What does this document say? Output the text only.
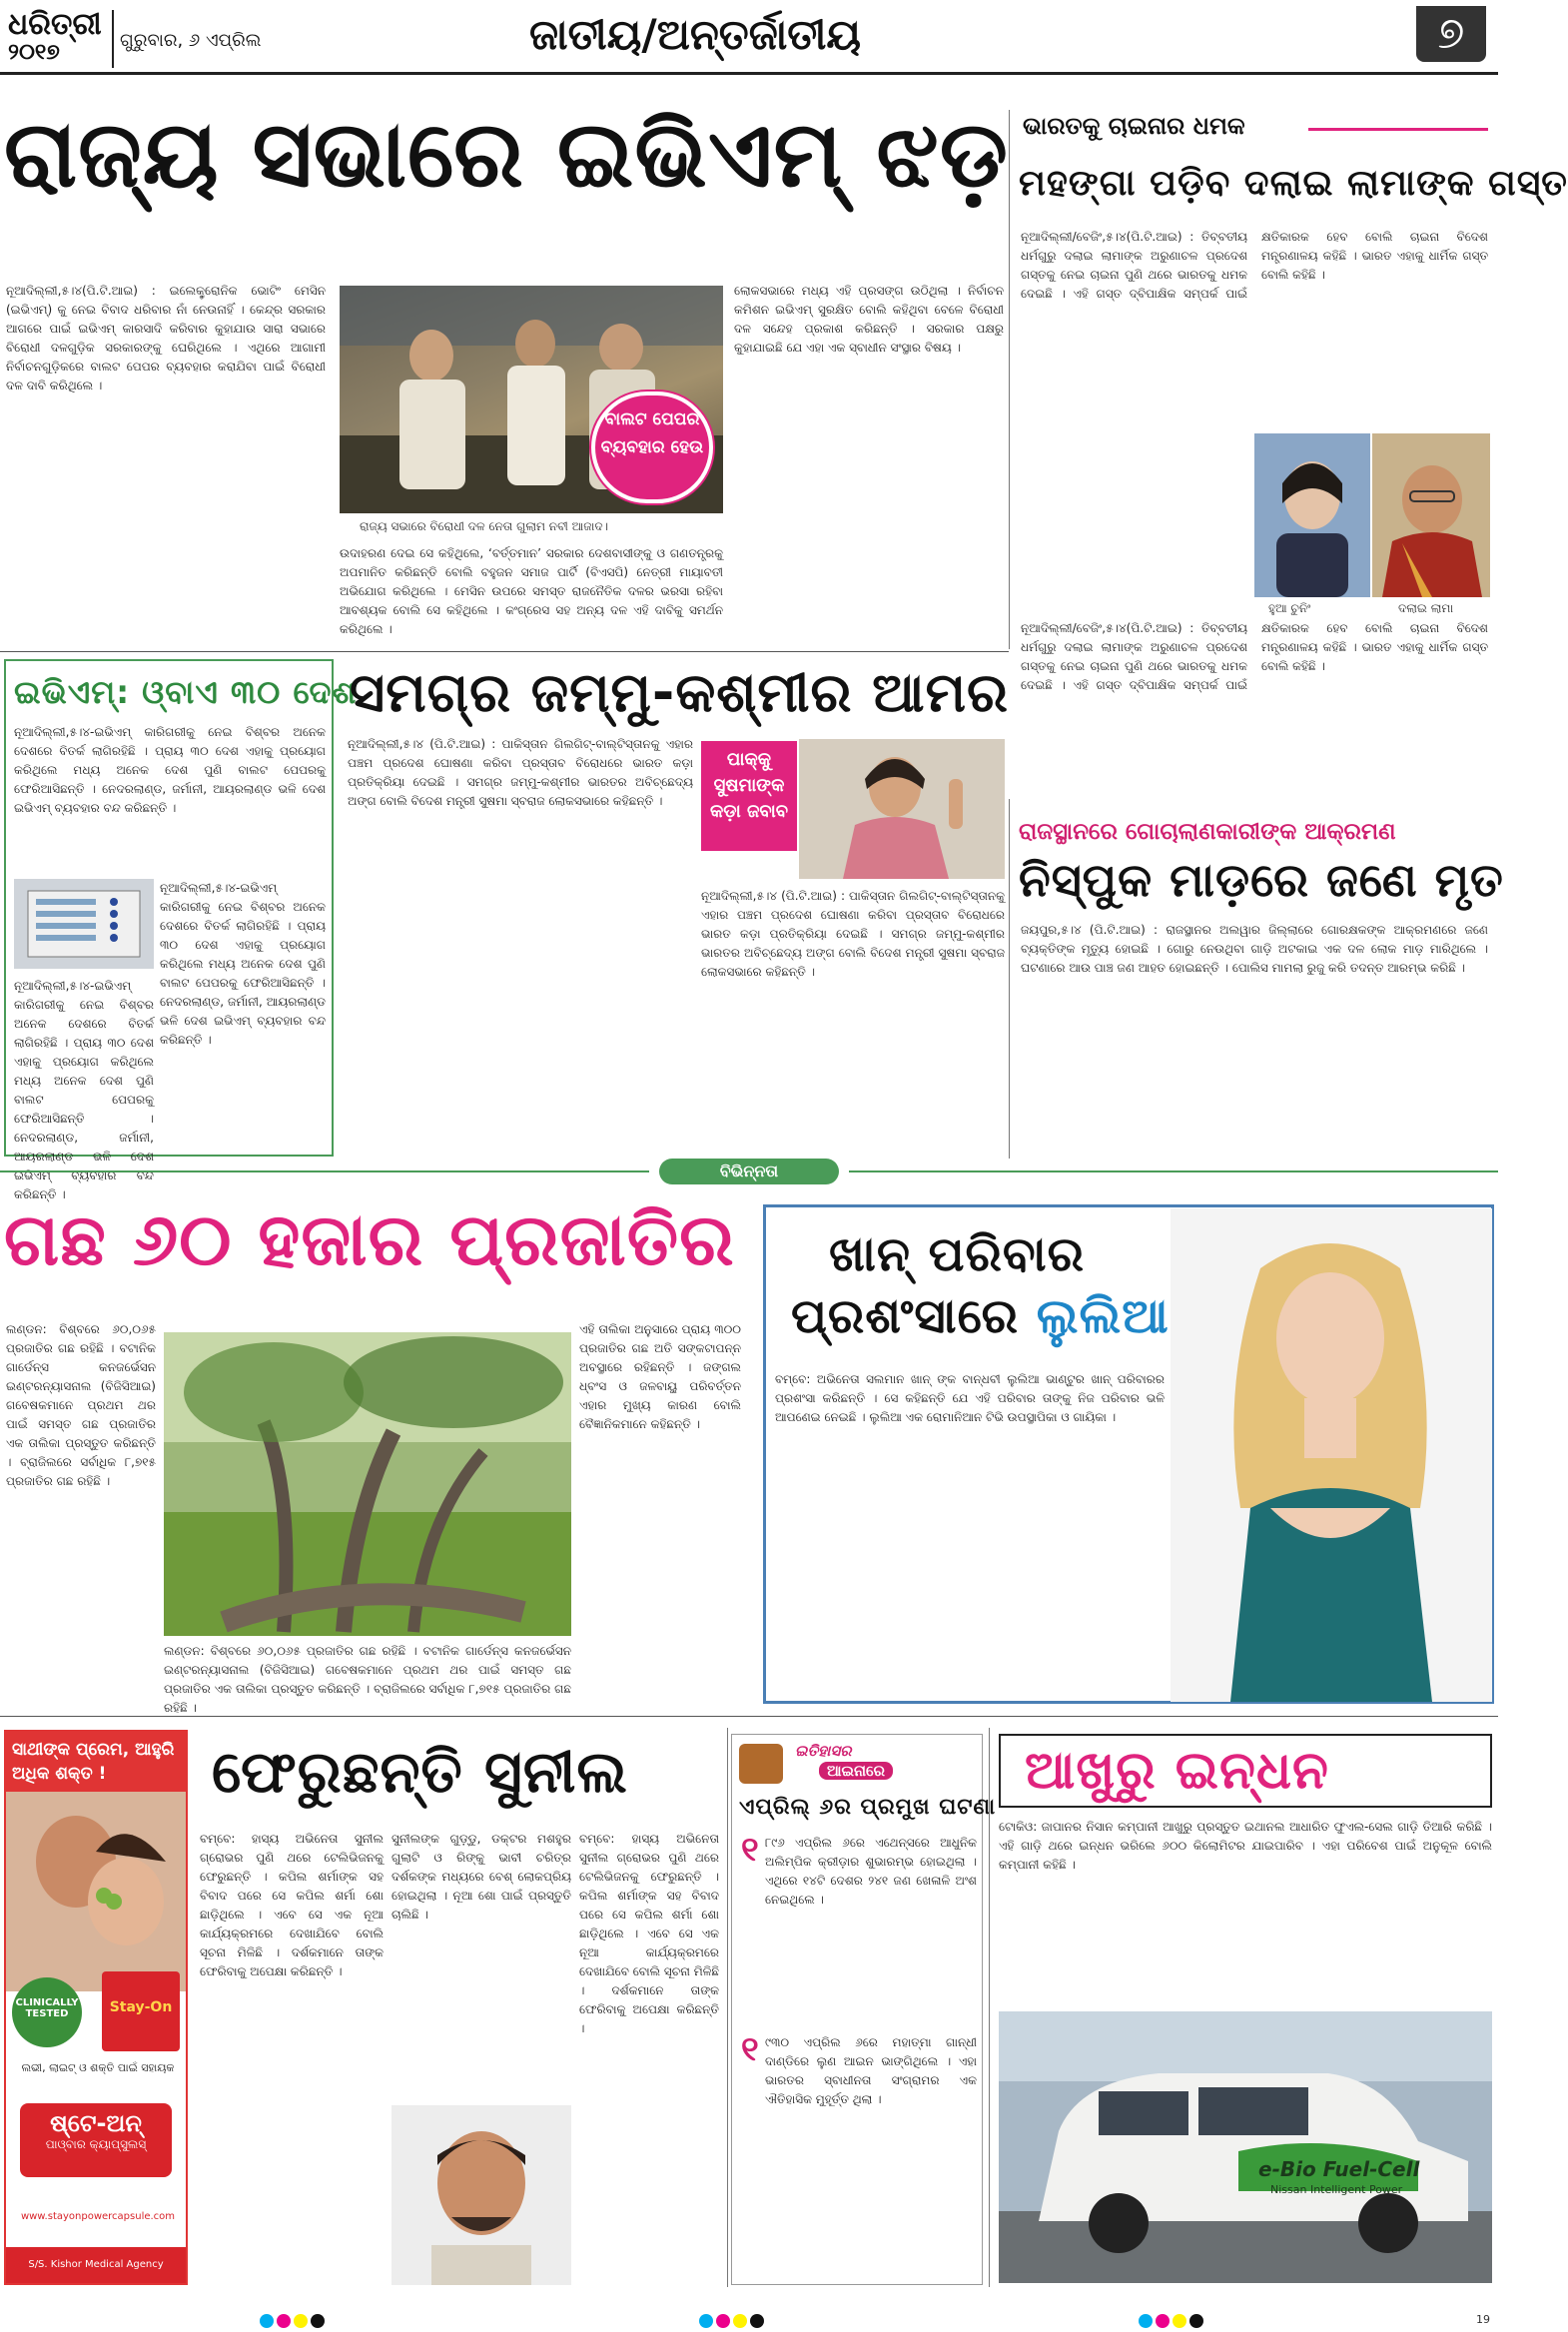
ଧରିତ୍ରୀ
୨୦୧୭	ଗୁରୁବାର, ୬ ଏପ୍ରିଲ	ଜାତୀୟ/ଅନ୍ତର୍ଜାତୀୟ	୭
ରାଜ୍ୟ ସଭାରେ ଇଭିଏମ୍ ଝଡ଼
ନୂଆଦିଲ୍ଲୀ,୫।୪(ପି.ଟି.ଆଇ) : ଇଲେକ୍ଟ୍ରୋନିକ ଭୋଟିଂ ମେସିନ (ଇଭିଏମ୍) କୁ ନେଇ ବିବାଦ ଧରିବାର ନାଁ ନେଉନାହିଁ । କେନ୍ଦ୍ର ସରକାର ଆଗରେ ପାଇଁ ଇଭିଏମ୍ କାରସାଦି କରିବାର କୁହାଯାଉ ସାରା ସଭାରେ ବିରୋଧୀ ଦଳଗୁଡ଼ିକ ସରକାରଙ୍କୁ ଘେରିଥିଲେ । ଏଥିରେ ଆଗାମୀ ନିର୍ବାଚନଗୁଡ଼ିକରେ ବାଲଟ ପେପର ବ୍ୟବହାର କରାଯିବା ପାଇଁ ବିରୋଧୀ ଦଳ ଦାବି କରିଥିଲେ ।
ବାଲଟ ପେପର ବ୍ୟବହାର ହେଉ
ରାଜ୍ୟ ସଭାରେ ବିରୋଧୀ ଦଳ ନେତା ଗୁଲାମ ନବୀ ଆଜାଦ।
ଉଦାହରଣ ଦେଇ ସେ କହିଥିଲେ, ‘ବର୍ତ୍ତମାନ’ ସରକାର ଦେଶବାସୀଙ୍କୁ ଓ ଗଣତନ୍ତ୍ରକୁ ଅପମାନିତ କରିଛନ୍ତି ବୋଲି ବହୁଜନ ସମାଜ ପାର୍ଟି (ବିଏସପି) ନେତ୍ରୀ ମାୟାବତୀ ଅଭିଯୋଗ କରିଥିଲେ । ମେସିନ ଉପରେ ସମସ୍ତ ରାଜନୈତିକ ଦଳର ଭରସା ରହିବା ଆବଶ୍ୟକ ବୋଲି ସେ କହିଥିଲେ । କଂଗ୍ରେସ ସହ ଅନ୍ୟ ଦଳ ଏହି ଦାବିକୁ ସମର୍ଥନ କରିଥିଲେ ।
ଲୋକସଭାରେ ମଧ୍ୟ ଏହି ପ୍ରସଙ୍ଗ ଉଠିଥିଲା । ନିର୍ବାଚନ କମିଶନ ଇଭିଏମ୍ ସୁରକ୍ଷିତ ବୋଲି କହିଥିବା ବେଳେ ବିରୋଧୀ ଦଳ ସନ୍ଦେହ ପ୍ରକାଶ କରିଛନ୍ତି । ସରକାର ପକ୍ଷରୁ କୁହାଯାଇଛି ଯେ ଏହା ଏକ ସ୍ବାଧୀନ ସଂସ୍ଥାର ବିଷୟ ।
ଭାରତକୁ ଚାଇନାର ଧମକ
ମହଙ୍ଗା ପଡ଼ିବ ଦଲାଇ ଲାମାଙ୍କ ଗସ୍ତ
ନୂଆଦିଲ୍ଲୀ/ବେଜିଂ,୫।୪(ପି.ଟି.ଆଇ) : ତିବ୍ବତୀୟ ଧର୍ମଗୁରୁ ଦଲାଇ ଲାମାଙ୍କ ଅରୁଣାଚଳ ପ୍ରଦେଶ ଗସ୍ତକୁ ନେଇ ଚାଇନା ପୁଣି ଥରେ ଭାରତକୁ ଧମକ ଦେଇଛି । ଏହି ଗସ୍ତ ଦ୍ବିପାକ୍ଷିକ ସମ୍ପର୍କ ପାଇଁ କ୍ଷତିକାରକ ହେବ ବୋଲି ଚାଇନା ବିଦେଶ ମନ୍ତ୍ରଣାଳୟ କହିଛି । ଭାରତ ଏହାକୁ ଧାର୍ମିକ ଗସ୍ତ ବୋଲି କହିଛି ।
ହୁଆ ଚୁନିଂ	ଦଲାଇ ଲାମା
ନୂଆଦିଲ୍ଲୀ/ବେଜିଂ,୫।୪(ପି.ଟି.ଆଇ) : ତିବ୍ବତୀୟ ଧର୍ମଗୁରୁ ଦଲାଇ ଲାମାଙ୍କ ଅରୁଣାଚଳ ପ୍ରଦେଶ ଗସ୍ତକୁ ନେଇ ଚାଇନା ପୁଣି ଥରେ ଭାରତକୁ ଧମକ ଦେଇଛି । ଏହି ଗସ୍ତ ଦ୍ବିପାକ୍ଷିକ ସମ୍ପର୍କ ପାଇଁ କ୍ଷତିକାରକ ହେବ ବୋଲି ଚାଇନା ବିଦେଶ ମନ୍ତ୍ରଣାଳୟ କହିଛି । ଭାରତ ଏହାକୁ ଧାର୍ମିକ ଗସ୍ତ ବୋଲି କହିଛି ।
ଇଭିଏମ୍: ଓ୍ବାଏ ୩୦ ଦେଶ
ନୂଆଦିଲ୍ଲୀ,୫।୪-ଇଭିଏମ୍ କାରିଗରୀକୁ ନେଇ ବିଶ୍ବର ଅନେକ ଦେଶରେ ବିତର୍କ ଲାଗିରହିଛି । ପ୍ରାୟ ୩୦ ଦେଶ ଏହାକୁ ପ୍ରୟୋଗ କରିଥିଲେ ମଧ୍ୟ ଅନେକ ଦେଶ ପୁଣି ବାଲଟ ପେପରକୁ ଫେରିଆସିଛନ୍ତି । ନେଦରଲାଣ୍ଡ, ଜର୍ମାନୀ, ଆୟରଲାଣ୍ଡ ଭଳି ଦେଶ ଇଭିଏମ୍ ବ୍ୟବହାର ବନ୍ଦ କରିଛନ୍ତି ।
ନୂଆଦିଲ୍ଲୀ,୫।୪-ଇଭିଏମ୍ କାରିଗରୀକୁ ନେଇ ବିଶ୍ବର ଅନେକ ଦେଶରେ ବିତର୍କ ଲାଗିରହିଛି । ପ୍ରାୟ ୩୦ ଦେଶ ଏହାକୁ ପ୍ରୟୋଗ କରିଥିଲେ ମଧ୍ୟ ଅନେକ ଦେଶ ପୁଣି ବାଲଟ ପେପରକୁ ଫେରିଆସିଛନ୍ତି । ନେଦରଲାଣ୍ଡ, ଜର୍ମାନୀ, ଆୟରଲାଣ୍ଡ ଭଳି ଦେଶ ଇଭିଏମ୍ ବ୍ୟବହାର ବନ୍ଦ କରିଛନ୍ତି ।
ନୂଆଦିଲ୍ଲୀ,୫।୪-ଇଭିଏମ୍ କାରିଗରୀକୁ ନେଇ ବିଶ୍ବର ଅନେକ ଦେଶରେ ବିତର୍କ ଲାଗିରହିଛି । ପ୍ରାୟ ୩୦ ଦେଶ ଏହାକୁ ପ୍ରୟୋଗ କରିଥିଲେ ମଧ୍ୟ ଅନେକ ଦେଶ ପୁଣି ବାଲଟ ପେପରକୁ ଫେରିଆସିଛନ୍ତି । ନେଦରଲାଣ୍ଡ, ଜର୍ମାନୀ, ଆୟରଲାଣ୍ଡ ଭଳି ଦେଶ ଇଭିଏମ୍ ବ୍ୟବହାର ବନ୍ଦ କରିଛନ୍ତି ।
ସମଗ୍ର ଜମ୍ମୁ-କଶ୍ମୀର ଆମର
ନୂଆଦିଲ୍ଲୀ,୫।୪ (ପି.ଟି.ଆଇ) : ପାକିସ୍ତାନ ଗିଲଗିଟ୍-ବାଲ୍ଟିସ୍ତାନକୁ ଏହାର ପଞ୍ଚମ ପ୍ରଦେଶ ଘୋଷଣା କରିବା ପ୍ରସ୍ତାବ ବିରୋଧରେ ଭାରତ କଡ଼ା ପ୍ରତିକ୍ରିୟା ଦେଇଛି । ସମଗ୍ର ଜମ୍ମୁ-କଶ୍ମୀର ଭାରତର ଅବିଚ୍ଛେଦ୍ୟ ଅଙ୍ଗ ବୋଲି ବିଦେଶ ମନ୍ତ୍ରୀ ସୁଷମା ସ୍ବରାଜ ଲୋକସଭାରେ କହିଛନ୍ତି ।
ପାକ୍‌କୁ ସୁଷମାଙ୍କ କଡ଼ା ଜବାବ
ନୂଆଦିଲ୍ଲୀ,୫।୪ (ପି.ଟି.ଆଇ) : ପାକିସ୍ତାନ ଗିଲଗିଟ୍-ବାଲ୍ଟିସ୍ତାନକୁ ଏହାର ପଞ୍ଚମ ପ୍ରଦେଶ ଘୋଷଣା କରିବା ପ୍ରସ୍ତାବ ବିରୋଧରେ ଭାରତ କଡ଼ା ପ୍ରତିକ୍ରିୟା ଦେଇଛି । ସମଗ୍ର ଜମ୍ମୁ-କଶ୍ମୀର ଭାରତର ଅବିଚ୍ଛେଦ୍ୟ ଅଙ୍ଗ ବୋଲି ବିଦେଶ ମନ୍ତ୍ରୀ ସୁଷମା ସ୍ବରାଜ ଲୋକସଭାରେ କହିଛନ୍ତି ।
ରାଜସ୍ଥାନରେ ଗୋଚାଲାଣକାରୀଙ୍କ ଆକ୍ରମଣ
ନିସ୍ପୁକ ମାଡ଼ରେ ଜଣେ ମୃତ
ଜୟପୁର,୫।୪ (ପି.ଟି.ଆଇ) : ରାଜସ୍ଥାନର ଅଲୱାର ଜିଲ୍ଲାରେ ଗୋରକ୍ଷକଙ୍କ ଆକ୍ରମଣରେ ଜଣେ ବ୍ୟକ୍ତିଙ୍କ ମୃତ୍ୟୁ ହୋଇଛି । ଗୋରୁ ନେଉଥିବା ଗାଡ଼ି ଅଟକାଇ ଏକ ଦଳ ଲୋକ ମାଡ଼ ମାରିଥିଲେ । ଘଟଣାରେ ଆଉ ପାଞ୍ଚ ଜଣ ଆହତ ହୋଇଛନ୍ତି । ପୋଲିସ ମାମଲା ରୁଜୁ କରି ତଦନ୍ତ ଆରମ୍ଭ କରିଛି ।
ବିଭିନ୍ନତା
ଗଛ ୬୦ ହଜାର ପ୍ରଜାତିର
ଲଣ୍ଡନ: ବିଶ୍ବରେ ୬୦,୦୬୫ ପ୍ରଜାତିର ଗଛ ରହିଛି । ବଟାନିକ ଗାର୍ଡେନ୍ସ କନଜର୍ଭେସନ ଇଣ୍ଟରନ୍ୟାସନାଲ (ବିଜିସିଆଇ) ଗବେଷକମାନେ ପ୍ରଥମ ଥର ପାଇଁ ସମସ୍ତ ଗଛ ପ୍ରଜାତିର ଏକ ତାଲିକା ପ୍ରସ୍ତୁତ କରିଛନ୍ତି । ବ୍ରାଜିଲରେ ସର୍ବାଧିକ ୮,୭୧୫ ପ୍ରଜାତିର ଗଛ ରହିଛି ।
ଏହି ତାଲିକା ଅନୁସାରେ ପ୍ରାୟ ୩୦୦ ପ୍ରଜାତିର ଗଛ ଅତି ସଙ୍କଟାପନ୍ନ ଅବସ୍ଥାରେ ରହିଛନ୍ତି । ଜଙ୍ଗଲ ଧ୍ବଂସ ଓ ଜଳବାୟୁ ପରିବର୍ତ୍ତନ ଏହାର ମୁଖ୍ୟ କାରଣ ବୋଲି ବୈଜ୍ଞାନିକମାନେ କହିଛନ୍ତି ।
ଲଣ୍ଡନ: ବିଶ୍ବରେ ୬୦,୦୬୫ ପ୍ରଜାତିର ଗଛ ରହିଛି । ବଟାନିକ ଗାର୍ଡେନ୍ସ କନଜର୍ଭେସନ ଇଣ୍ଟରନ୍ୟାସନାଲ (ବିଜିସିଆଇ) ଗବେଷକମାନେ ପ୍ରଥମ ଥର ପାଇଁ ସମସ୍ତ ଗଛ ପ୍ରଜାତିର ଏକ ତାଲିକା ପ୍ରସ୍ତୁତ କରିଛନ୍ତି । ବ୍ରାଜିଲରେ ସର୍ବାଧିକ ୮,୭୧୫ ପ୍ରଜାତିର ଗଛ ରହିଛି ।
ଖାନ୍ ପରିବାର
ପ୍ରଶଂସାରେ ଲୁଲିଆ
ବମ୍ବେ: ଅଭିନେତା ସଲମାନ ଖାନ୍ ଙ୍କ ବାନ୍ଧବୀ ଲୁଲିଆ ଭାଣ୍ଟୁର ଖାନ୍ ପରିବାରର ପ୍ରଶଂସା କରିଛନ୍ତି । ସେ କହିଛନ୍ତି ଯେ ଏହି ପରିବାର ତାଙ୍କୁ ନିଜ ପରିବାର ଭଳି ଆପଣେଇ ନେଇଛି । ଲୁଲିଆ ଏକ ରୋମାନିଆନ ଟିଭି ଉପସ୍ଥାପିକା ଓ ଗାୟିକା ।
ସାଥୀଙ୍କ ପ୍ରେମ, ଆହୁରି ଅଧିକ ଶକ୍ତ !
CLINICALLY TESTED	Stay-On
ଲଭୀ, ଲାଇଟ୍‌ ଓ ଶକ୍ତି ପାଇଁ ସହାୟକ
ଷ୍ଟେ-ଅନ୍
ପାଓ୍ବାର କ୍ୟାପ୍‌ସୁଲସ୍
www.stayonpowercapsule.com
S/S. Kishor Medical Agency
ଫେରୁଛନ୍ତି ସୁନୀଲ
ବମ୍ବେ: ହାସ୍ୟ ଅଭିନେତା ସୁନୀଲ ଗ୍ରୋଭର ପୁଣି ଥରେ ଟେଲିଭିଜନକୁ ଫେରୁଛନ୍ତି । କପିଲ ଶର୍ମାଙ୍କ ସହ ବିବାଦ ପରେ ସେ କପିଲ ଶର୍ମା ଶୋ ଛାଡ଼ିଥିଲେ । ଏବେ ସେ ଏକ ନୂଆ କାର୍ଯ୍ୟକ୍ରମରେ ଦେଖାଯିବେ ବୋଲି ସୂଚନା ମିଳିଛି । ଦର୍ଶକମାନେ ତାଙ୍କ ଫେରିବାକୁ ଅପେକ୍ଷା କରିଛନ୍ତି ।
ସୁନୀଲଙ୍କ ଗୁଡ଼୍ଡୁ, ଡକ୍ଟର ମଶହୁର ଗୁଲାଟି ଓ ରିଙ୍କୁ ଭାବୀ ଚରିତ୍ର ଦର୍ଶକଙ୍କ ମଧ୍ୟରେ ବେଶ୍ ଲୋକପ୍ରିୟ ହୋଇଥିଲା । ନୂଆ ଶୋ ପାଇଁ ପ୍ରସ୍ତୁତି ଚାଲିଛି ।
ବମ୍ବେ: ହାସ୍ୟ ଅଭିନେତା ସୁନୀଲ ଗ୍ରୋଭର ପୁଣି ଥରେ ଟେଲିଭିଜନକୁ ଫେରୁଛନ୍ତି । କପିଲ ଶର୍ମାଙ୍କ ସହ ବିବାଦ ପରେ ସେ କପିଲ ଶର୍ମା ଶୋ ଛାଡ଼ିଥିଲେ । ଏବେ ସେ ଏକ ନୂଆ କାର୍ଯ୍ୟକ୍ରମରେ ଦେଖାଯିବେ ବୋଲି ସୂଚନା ମିଳିଛି । ଦର୍ଶକମାନେ ତାଙ୍କ ଫେରିବାକୁ ଅପେକ୍ଷା କରିଛନ୍ତି ।
ଇତିହାସର
ଆଇନାରେ
ଏପ୍ରିଲ୍ ୬ର ପ୍ରମୁଖ ଘଟଣା
୧ ୮୯୬ ଏପ୍ରିଲ ୬ରେ ଏଥେନ୍ସରେ ଆଧୁନିକ ଅଲିମ୍ପିକ କ୍ରୀଡ଼ାର ଶୁଭାରମ୍ଭ ହୋଇଥିଲା । ଏଥିରେ ୧୪ଟି ଦେଶର ୨୪୧ ଜଣ ଖେଳାଳି ଅଂଶ ନେଇଥିଲେ ।
୧ ୯୩୦ ଏପ୍ରିଲ ୬ରେ ମହାତ୍ମା ଗାନ୍ଧୀ ଦାଣ୍ଡିରେ ଲୁଣ ଆଇନ ଭାଙ୍ଗିଥିଲେ । ଏହା ଭାରତର ସ୍ବାଧୀନତା ସଂଗ୍ରାମର ଏକ ଐତିହାସିକ ମୁହୂର୍ତ୍ତ ଥିଲା ।
ଆଖୁରୁ ଇନ୍ଧନ
ଟୋକିଓ: ଜାପାନର ନିସାନ କମ୍ପାନୀ ଆଖୁରୁ ପ୍ରସ୍ତୁତ ଇଥାନଲ ଆଧାରିତ ଫୁଏଲ-ସେଲ ଗାଡ଼ି ତିଆରି କରିଛି । ଏହି ଗାଡ଼ି ଥରେ ଇନ୍ଧନ ଭରିଲେ ୬୦୦ କିଲୋମିଟର ଯାଇପାରିବ । ଏହା ପରିବେଶ ପାଇଁ ଅନୁକୂଳ ବୋଲି କମ୍ପାନୀ କହିଛି ।
e-Bio Fuel-Cell
Nissan Intelligent Power
19
